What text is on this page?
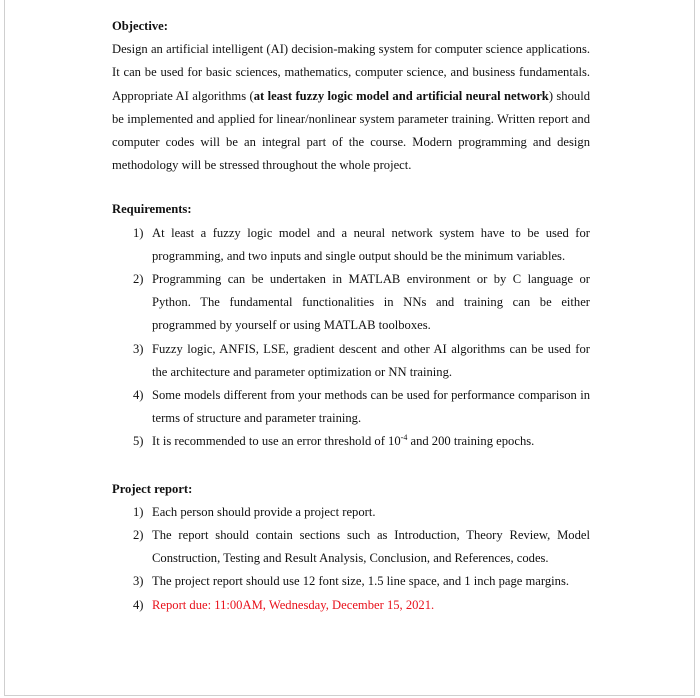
Objective:

Design an artificial intelligent (AI) decision-making system for computer science applications. It can be used for basic sciences, mathematics, computer science, and business fundamentals. Appropriate AI algorithms (at least fuzzy logic model and artificial neural network) should be implemented and applied for linear/nonlinear system parameter training. Written report and computer codes will be an integral part of the course. Modern programming and design methodology will be stressed throughout the whole project.

Requirements:

1) At least a fuzzy logic model and a neural network system have to be used for programming, and two inputs and single output should be the minimum variables.
2) Programming can be undertaken in MATLAB environment or by C language or Python. The fundamental functionalities in NNs and training can be either programmed by yourself or using MATLAB toolboxes.
3) Fuzzy logic, ANFIS, LSE, gradient descent and other AI algorithms can be used for the architecture and parameter optimization or NN training.
4) Some models different from your methods can be used for performance comparison in terms of structure and parameter training.
5) It is recommended to use an error threshold of $10^{-4}$ and 200 training epochs.

Project report:

1) Each person should provide a project report.
2) The report should contain sections such as Introduction, Theory Review, Model Construction, Testing and Result Analysis, Conclusion, and References, codes.
3) The project report should use 12 font size, 1.5 line space, and 1 inch page margins.
4) Report due: 11:00AM, Wednesday, December 15, 2021.
